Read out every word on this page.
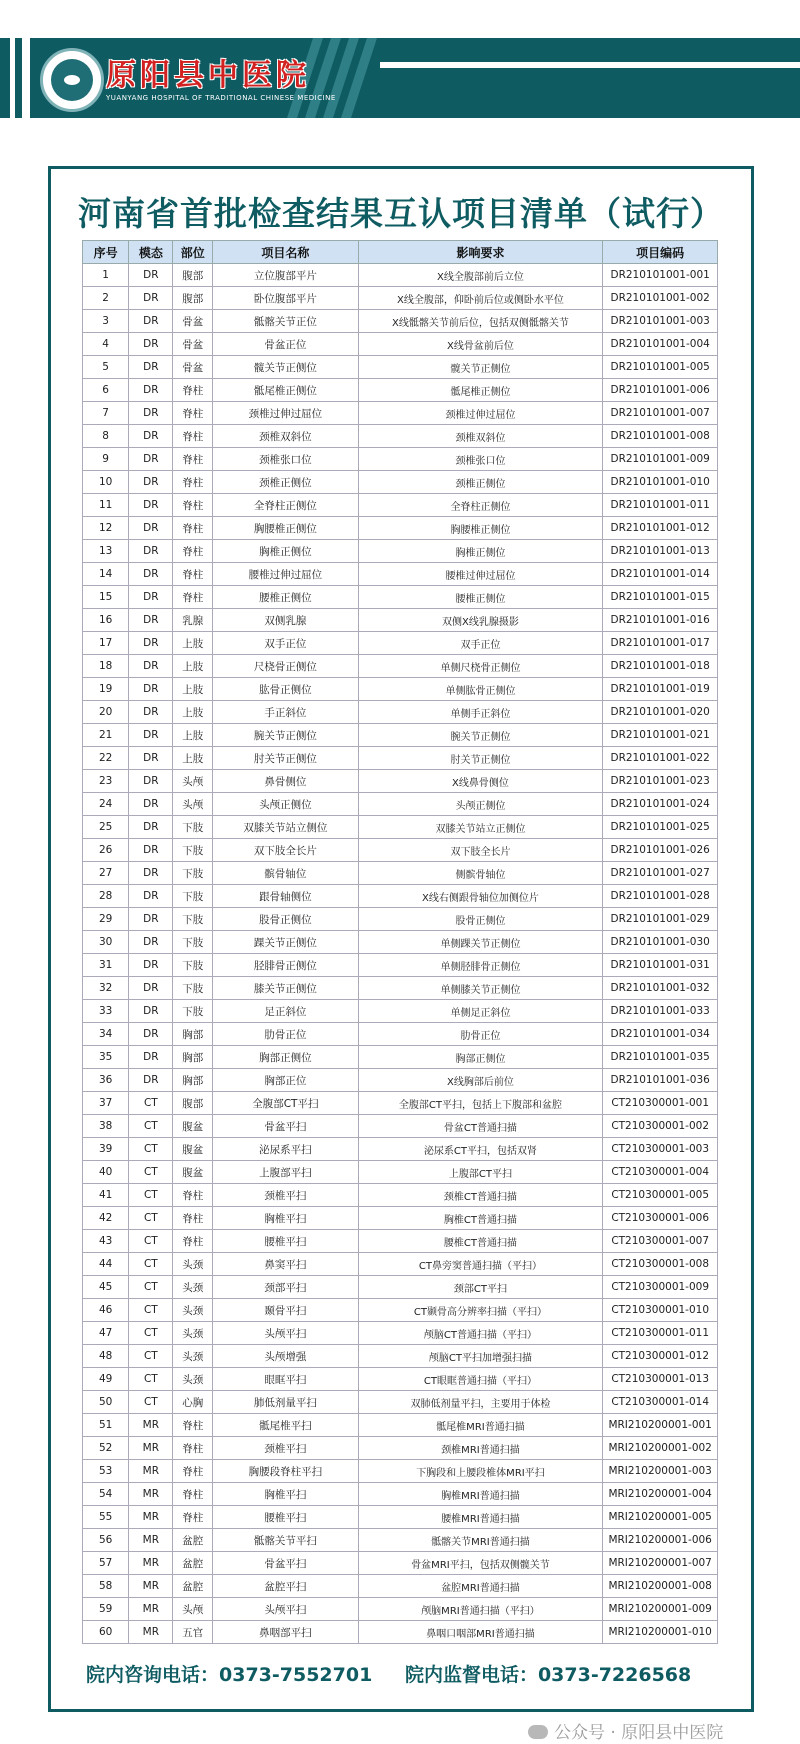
原阳县中医院
YUANYANG HOSPITAL OF TRADITIONAL CHINESE MEDICINE
河南省首批检查结果互认项目清单（试行）
序号	模态	部位	项目名称	影响要求	项目编码
1	DR	腹部	立位腹部平片	X线全腹部前后立位	DR210101001-001
2	DR	腹部	卧位腹部平片	X线全腹部，仰卧前后位或侧卧水平位	DR210101001-002
3	DR	骨盆	骶髂关节正位	X线骶髂关节前后位，包括双侧骶髂关节	DR210101001-003
4	DR	骨盆	骨盆正位	X线骨盆前后位	DR210101001-004
5	DR	骨盆	髋关节正侧位	髋关节正侧位	DR210101001-005
6	DR	脊柱	骶尾椎正侧位	骶尾椎正侧位	DR210101001-006
7	DR	脊柱	颈椎过伸过屈位	颈椎过伸过屈位	DR210101001-007
8	DR	脊柱	颈椎双斜位	颈椎双斜位	DR210101001-008
9	DR	脊柱	颈椎张口位	颈椎张口位	DR210101001-009
10	DR	脊柱	颈椎正侧位	颈椎正侧位	DR210101001-010
11	DR	脊柱	全脊柱正侧位	全脊柱正侧位	DR210101001-011
12	DR	脊柱	胸腰椎正侧位	胸腰椎正侧位	DR210101001-012
13	DR	脊柱	胸椎正侧位	胸椎正侧位	DR210101001-013
14	DR	脊柱	腰椎过伸过屈位	腰椎过伸过屈位	DR210101001-014
15	DR	脊柱	腰椎正侧位	腰椎正侧位	DR210101001-015
16	DR	乳腺	双侧乳腺	双侧X线乳腺摄影	DR210101001-016
17	DR	上肢	双手正位	双手正位	DR210101001-017
18	DR	上肢	尺桡骨正侧位	单侧尺桡骨正侧位	DR210101001-018
19	DR	上肢	肱骨正侧位	单侧肱骨正侧位	DR210101001-019
20	DR	上肢	手正斜位	单侧手正斜位	DR210101001-020
21	DR	上肢	腕关节正侧位	腕关节正侧位	DR210101001-021
22	DR	上肢	肘关节正侧位	肘关节正侧位	DR210101001-022
23	DR	头颅	鼻骨侧位	X线鼻骨侧位	DR210101001-023
24	DR	头颅	头颅正侧位	头颅正侧位	DR210101001-024
25	DR	下肢	双膝关节站立侧位	双膝关节站立正侧位	DR210101001-025
26	DR	下肢	双下肢全长片	双下肢全长片	DR210101001-026
27	DR	下肢	髌骨轴位	侧髌骨轴位	DR210101001-027
28	DR	下肢	跟骨轴侧位	X线右侧跟骨轴位加侧位片	DR210101001-028
29	DR	下肢	股骨正侧位	股骨正侧位	DR210101001-029
30	DR	下肢	踝关节正侧位	单侧踝关节正侧位	DR210101001-030
31	DR	下肢	胫腓骨正侧位	单侧胫腓骨正侧位	DR210101001-031
32	DR	下肢	膝关节正侧位	单侧膝关节正侧位	DR210101001-032
33	DR	下肢	足正斜位	单侧足正斜位	DR210101001-033
34	DR	胸部	肋骨正位	肋骨正位	DR210101001-034
35	DR	胸部	胸部正侧位	胸部正侧位	DR210101001-035
36	DR	胸部	胸部正位	X线胸部后前位	DR210101001-036
37	CT	腹部	全腹部CT平扫	全腹部CT平扫，包括上下腹部和盆腔	CT210300001-001
38	CT	腹盆	骨盆平扫	骨盆CT普通扫描	CT210300001-002
39	CT	腹盆	泌尿系平扫	泌尿系CT平扫，包括双肾	CT210300001-003
40	CT	腹盆	上腹部平扫	上腹部CT平扫	CT210300001-004
41	CT	脊柱	颈椎平扫	颈椎CT普通扫描	CT210300001-005
42	CT	脊柱	胸椎平扫	胸椎CT普通扫描	CT210300001-006
43	CT	脊柱	腰椎平扫	腰椎CT普通扫描	CT210300001-007
44	CT	头颈	鼻窦平扫	CT鼻旁窦普通扫描（平扫）	CT210300001-008
45	CT	头颈	颈部平扫	颈部CT平扫	CT210300001-009
46	CT	头颈	颞骨平扫	CT颞骨高分辨率扫描（平扫）	CT210300001-010
47	CT	头颈	头颅平扫	颅脑CT普通扫描（平扫）	CT210300001-011
48	CT	头颈	头颅增强	颅脑CT平扫加增强扫描	CT210300001-012
49	CT	头颈	眼眶平扫	CT眼眶普通扫描（平扫）	CT210300001-013
50	CT	心胸	肺低剂量平扫	双肺低剂量平扫，主要用于体检	CT210300001-014
51	MR	脊柱	骶尾椎平扫	骶尾椎MRI普通扫描	MRI210200001-001
52	MR	脊柱	颈椎平扫	颈椎MRI普通扫描	MRI210200001-002
53	MR	脊柱	胸腰段脊柱平扫	下胸段和上腰段椎体MRI平扫	MRI210200001-003
54	MR	脊柱	胸椎平扫	胸椎MRI普通扫描	MRI210200001-004
55	MR	脊柱	腰椎平扫	腰椎MRI普通扫描	MRI210200001-005
56	MR	盆腔	骶髂关节平扫	骶髂关节MRI普通扫描	MRI210200001-006
57	MR	盆腔	骨盆平扫	骨盆MRI平扫，包括双侧髋关节	MRI210200001-007
58	MR	盆腔	盆腔平扫	盆腔MRI普通扫描	MRI210200001-008
59	MR	头颅	头颅平扫	颅脑MRI普通扫描（平扫）	MRI210200001-009
60	MR	五官	鼻咽部平扫	鼻咽口咽部MRI普通扫描	MRI210200001-010
院内咨询电话：0373-7552701 院内监督电话：0373-7226568
公众号 · 原阳县中医院
